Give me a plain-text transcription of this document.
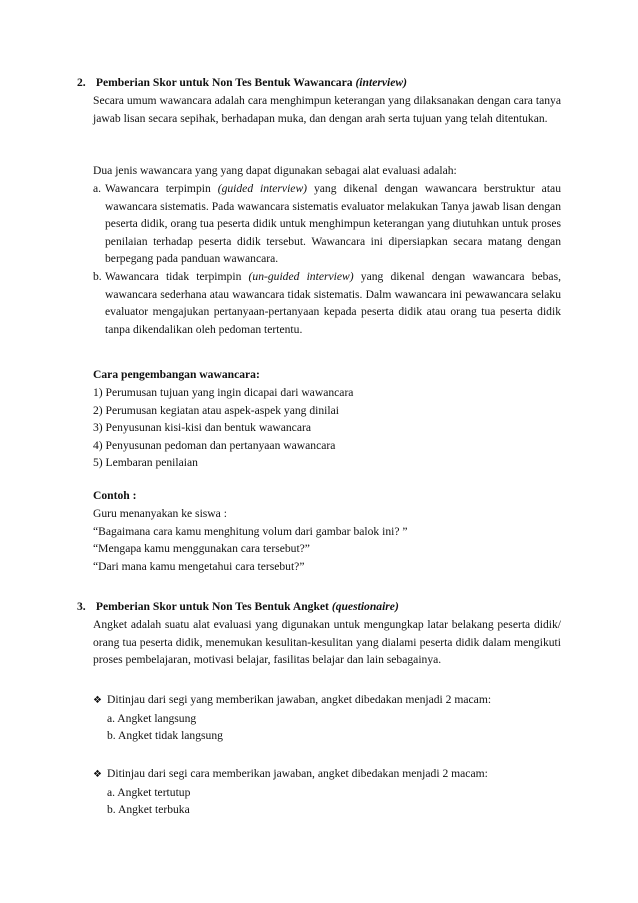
2. Pemberian Skor untuk Non Tes Bentuk Wawancara (interview)
Secara umum wawancara adalah cara menghimpun keterangan yang dilaksanakan dengan cara tanya jawab lisan secara sepihak, berhadapan muka, dan dengan arah serta tujuan yang telah ditentukan.
Dua jenis wawancara yang yang dapat digunakan sebagai alat evaluasi adalah:
a. Wawancara terpimpin (guided interview) yang dikenal dengan wawancara berstruktur atau wawancara sistematis. Pada wawancara sistematis evaluator melakukan Tanya jawab lisan dengan peserta didik, orang tua peserta didik untuk menghimpun keterangan yang diutuhkan untuk proses penilaian terhadap peserta didik tersebut. Wawancara ini dipersiapkan secara matang dengan berpegang pada panduan wawancara.
b. Wawancara tidak terpimpin (un-guided interview) yang dikenal dengan wawancara bebas, wawancara sederhana atau wawancara tidak sistematis. Dalm wawancara ini pewawancara selaku evaluator mengajukan pertanyaan-pertanyaan kepada peserta didik atau orang tua peserta didik tanpa dikendalikan oleh pedoman tertentu.
Cara pengembangan wawancara:
1) Perumusan tujuan yang ingin dicapai dari wawancara
2) Perumusan kegiatan atau aspek-aspek yang dinilai
3) Penyusunan kisi-kisi dan bentuk wawancara
4) Penyusunan pedoman dan pertanyaan wawancara
5) Lembaran penilaian
Contoh :
Guru menanyakan ke siswa :
“Bagaimana cara kamu menghitung volum dari gambar balok ini? ”
“Mengapa kamu menggunakan cara tersebut?”
“Dari mana kamu mengetahui cara tersebut?”
3. Pemberian Skor untuk Non Tes Bentuk Angket (questionaire)
Angket adalah suatu alat evaluasi yang digunakan untuk mengungkap latar belakang peserta didik/ orang tua peserta didik, menemukan kesulitan-kesulitan yang dialami peserta didik dalam mengikuti proses pembelajaran, motivasi belajar, fasilitas belajar dan lain sebagainya.
❖ Ditinjau dari segi yang memberikan jawaban, angket dibedakan menjadi 2 macam:
a. Angket langsung
b. Angket tidak langsung
❖ Ditinjau dari segi cara memberikan jawaban, angket dibedakan menjadi 2 macam:
a. Angket tertutup
b. Angket terbuka
